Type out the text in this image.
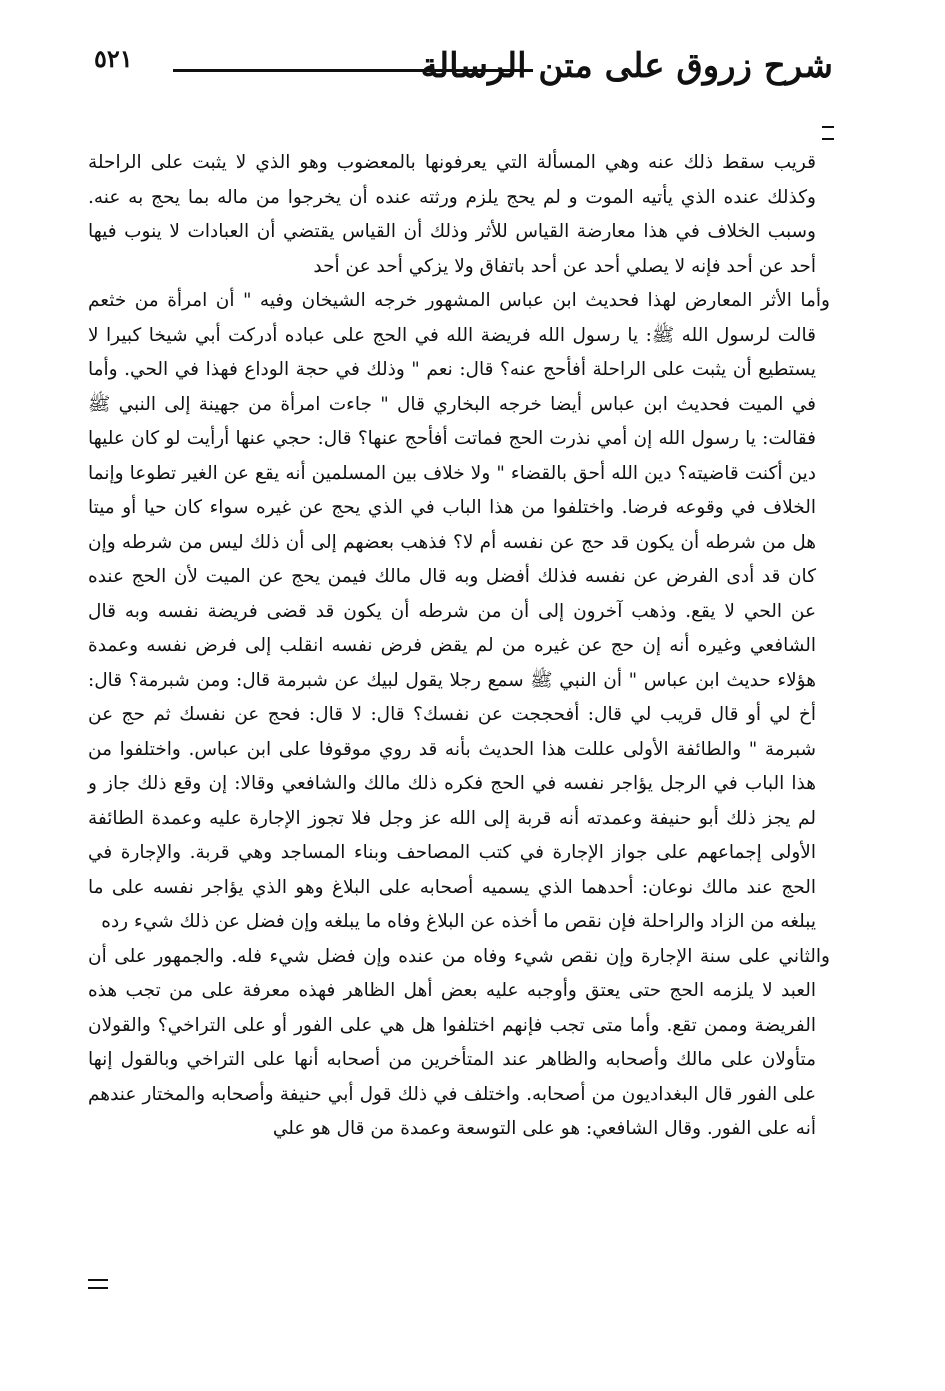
٥٢١	شرح زروق على متن الرسالة

قريب سقط ذلك عنه وهي المسألة التي يعرفونها بالمعضوب وهو الذي لا يثبت على الراحلة وكذلك عنده الذي يأتيه الموت و لم يحج يلزم ورثته عنده أن يخرجوا من ماله بما يحج به عنه. وسبب الخلاف في هذا معارضة القياس للأثر وذلك أن القياس يقتضي أن العبادات لا ينوب فيها أحد عن أحد فإنه لا يصلي أحد عن أحد باتفاق ولا يزكي أحد عن أحد

وأما الأثر المعارض لهذا فحديث ابن عباس المشهور خرجه الشيخان وفيه " أن امرأة من خثعم قالت لرسول الله ﷺ: يا رسول الله فريضة الله في الحج على عباده أدركت أبي شيخا كبيرا لا يستطيع أن يثبت على الراحلة أفأحج عنه؟ قال: نعم " وذلك في حجة الوداع فهذا في الحي. وأما في الميت فحديث ابن عباس أيضا خرجه البخاري قال " جاءت امرأة من جهينة إلى النبي ﷺ فقالت: يا رسول الله إن أمي نذرت الحج فماتت أفأحج عنها؟ قال: حجي عنها أرأيت لو كان عليها دين أكنت قاضيته؟ دين الله أحق بالقضاء " ولا خلاف بين المسلمين أنه يقع عن الغير تطوعا وإنما الخلاف في وقوعه فرضا. واختلفوا من هذا الباب في الذي يحج عن غيره سواء كان حيا أو ميتا هل من شرطه أن يكون قد حج عن نفسه أم لا؟ فذهب بعضهم إلى أن ذلك ليس من شرطه وإن كان قد أدى الفرض عن نفسه فذلك أفضل وبه قال مالك فيمن يحج عن الميت لأن الحج عنده عن الحي لا يقع. وذهب آخرون إلى أن من شرطه أن يكون قد قضى فريضة نفسه وبه قال الشافعي وغيره أنه إن حج عن غيره من لم يقض فرض نفسه انقلب إلى فرض نفسه وعمدة هؤلاء حديث ابن عباس " أن النبي ﷺ سمع رجلا يقول لبيك عن شبرمة قال: ومن شبرمة؟ قال: أخ لي أو قال قريب لي قال: أفحججت عن نفسك؟ قال: لا قال: فحج عن نفسك ثم حج عن شبرمة " والطائفة الأولى عللت هذا الحديث بأنه قد روي موقوفا على ابن عباس. واختلفوا من هذا الباب في الرجل يؤاجر نفسه في الحج فكره ذلك مالك والشافعي وقالا: إن وقع ذلك جاز و لم يجز ذلك أبو حنيفة وعمدته أنه قربة إلى الله عز وجل فلا تجوز الإجارة عليه وعمدة الطائفة الأولى إجماعهم على جواز الإجارة في كتب المصاحف وبناء المساجد وهي قربة. والإجارة في الحج عند مالك نوعان: أحدهما الذي يسميه أصحابه على البلاغ وهو الذي يؤاجر نفسه على ما يبلغه من الزاد والراحلة فإن نقص ما أخذه عن البلاغ وفاه ما يبلغه وإن فضل عن ذلك شيء رده

والثاني على سنة الإجارة وإن نقص شيء وفاه من عنده وإن فضل شيء فله. والجمهور على أن العبد لا يلزمه الحج حتى يعتق وأوجبه عليه بعض أهل الظاهر فهذه معرفة على من تجب هذه الفريضة وممن تقع. وأما متى تجب فإنهم اختلفوا هل هي على الفور أو على التراخي؟ والقولان متأولان على مالك وأصحابه والظاهر عند المتأخرين من أصحابه أنها على التراخي وبالقول إنها على الفور قال البغداديون من أصحابه. واختلف في ذلك قول أبي حنيفة وأصحابه والمختار عندهم أنه على الفور. وقال الشافعي: هو على التوسعة وعمدة من قال هو علي
